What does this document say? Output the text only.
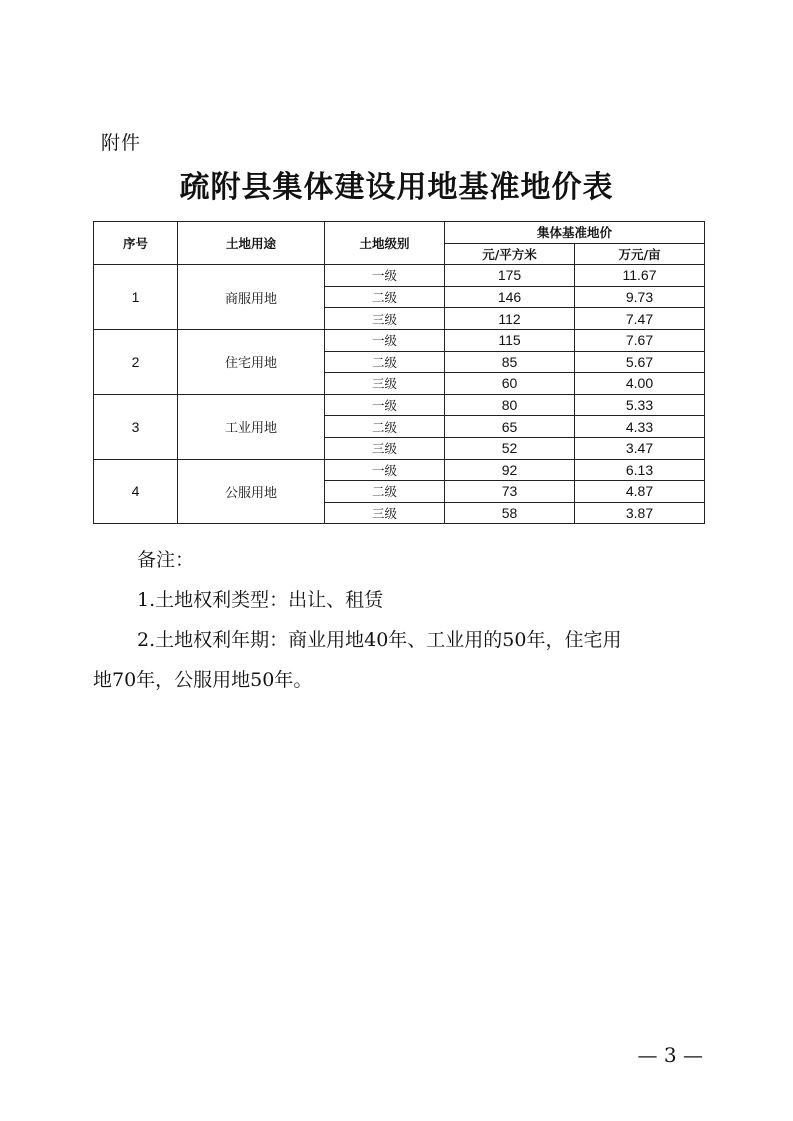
附件
疏附县集体建设用地基准地价表
序号	土地用途	土地级别	集体基准地价	
			元/平方米	万元/亩
1	商服用地	一级	175	11.67
		二级	146	9.73
		三级	112	7.47
2	住宅用地	一级	115	7.67
		二级	85	5.67
		三级	60	4.00
3	工业用地	一级	80	5.33
		二级	65	4.33
		三级	52	3.47
4	公服用地	一级	92	6.13
		二级	73	4.87
		三级	58	3.87
备注：
1.土地权利类型：出让、租赁
2.土地权利年期：商业用地40年、工业用的50年，住宅用
地70年，公服用地50年。
— 3 —
